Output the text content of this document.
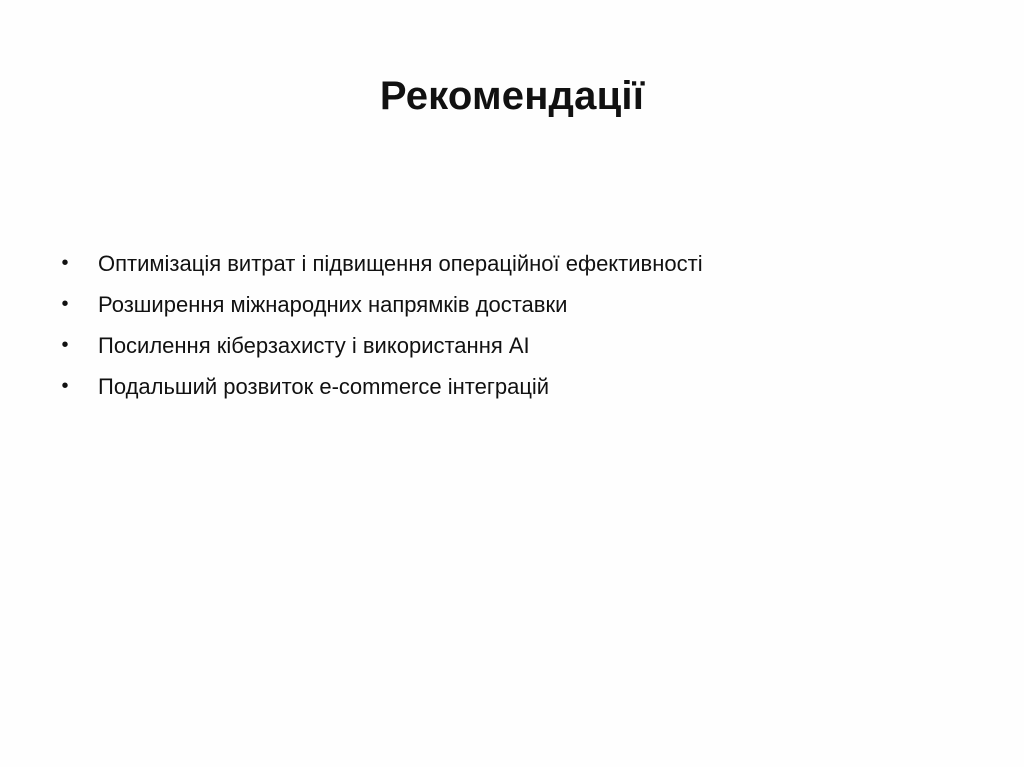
Рекомендації
• Оптимізація витрат і підвищення операційної ефективності
• Розширення міжнародних напрямків доставки
• Посилення кіберзахисту і використання AI
• Подальший розвиток e-commerce інтеграцій
